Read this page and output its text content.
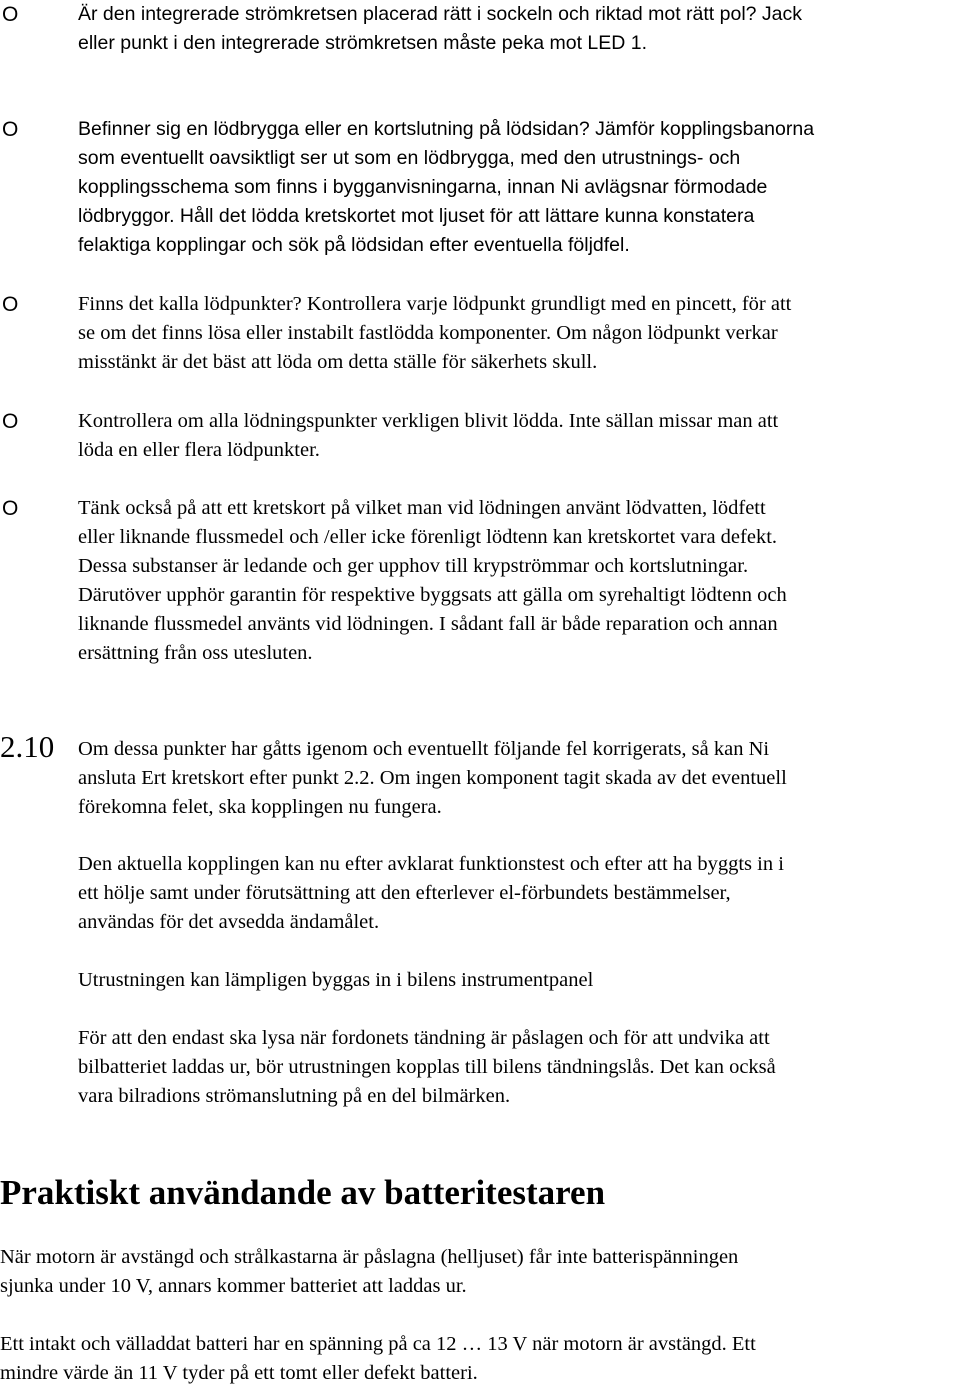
O	Är den integrerade strömkretsen placerad rätt i sockeln och riktad mot rätt pol? Jack
eller punkt i den integrerade strömkretsen måste peka mot LED 1.
O	Befinner sig en lödbrygga eller en kortslutning på lödsidan? Jämför kopplingsbanorna
som eventuellt oavsiktligt ser ut som en lödbrygga, med den utrustnings- och
kopplingsschema som finns i bygganvisningarna, innan Ni avlägsnar förmodade
lödbryggor. Håll det lödda kretskortet mot ljuset för att lättare kunna konstatera
felaktiga kopplingar och sök på lödsidan efter eventuella följdfel.
O	Finns det kalla lödpunkter? Kontrollera varje lödpunkt grundligt med en pincett, för att
se om det finns lösa eller instabilt fastlödda komponenter. Om någon lödpunkt verkar
misstänkt är det bäst att löda om detta ställe för säkerhets skull.
O	Kontrollera om alla lödningspunkter verkligen blivit lödda. Inte sällan missar man att
löda en eller flera lödpunkter.
O	Tänk också på att ett kretskort på vilket man vid lödningen använt lödvatten, lödfett
eller liknande flussmedel och /eller icke förenligt lödtenn kan kretskortet vara defekt.
Dessa substanser är ledande och ger upphov till krypströmmar och kortslutningar.
Därutöver upphör garantin för respektive byggsats att gälla om syrehaltigt lödtenn och
liknande flussmedel använts vid lödningen. I sådant fall är både reparation och annan
ersättning från oss utesluten.
2.10 Om dessa punkter har gåtts igenom och eventuellt följande fel korrigerats, så kan Ni
ansluta Ert kretskort efter punkt 2.2. Om ingen komponent tagit skada av det eventuell
förekomna felet, ska kopplingen nu fungera.
Den aktuella kopplingen kan nu efter avklarat funktionstest och efter att ha byggts in i
ett hölje samt under förutsättning att den efterlever el-förbundets bestämmelser,
användas för det avsedda ändamålet.
Utrustningen kan lämpligen byggas in i bilens instrumentpanel
För att den endast ska lysa när fordonets tändning är påslagen och för att undvika att
bilbatteriet laddas ur, bör utrustningen kopplas till bilens tändningslås. Det kan också
vara bilradions strömanslutning på en del bilmärken.
Praktiskt användande av batteritestaren
När motorn är avstängd och strålkastarna är påslagna (helljuset) får inte batterispänningen
sjunka under 10 V, annars kommer batteriet att laddas ur.
Ett intakt och välladdat batteri har en spänning på ca 12 … 13 V när motorn är avstängd. Ett
mindre värde än 11 V tyder på ett tomt eller defekt batteri.
